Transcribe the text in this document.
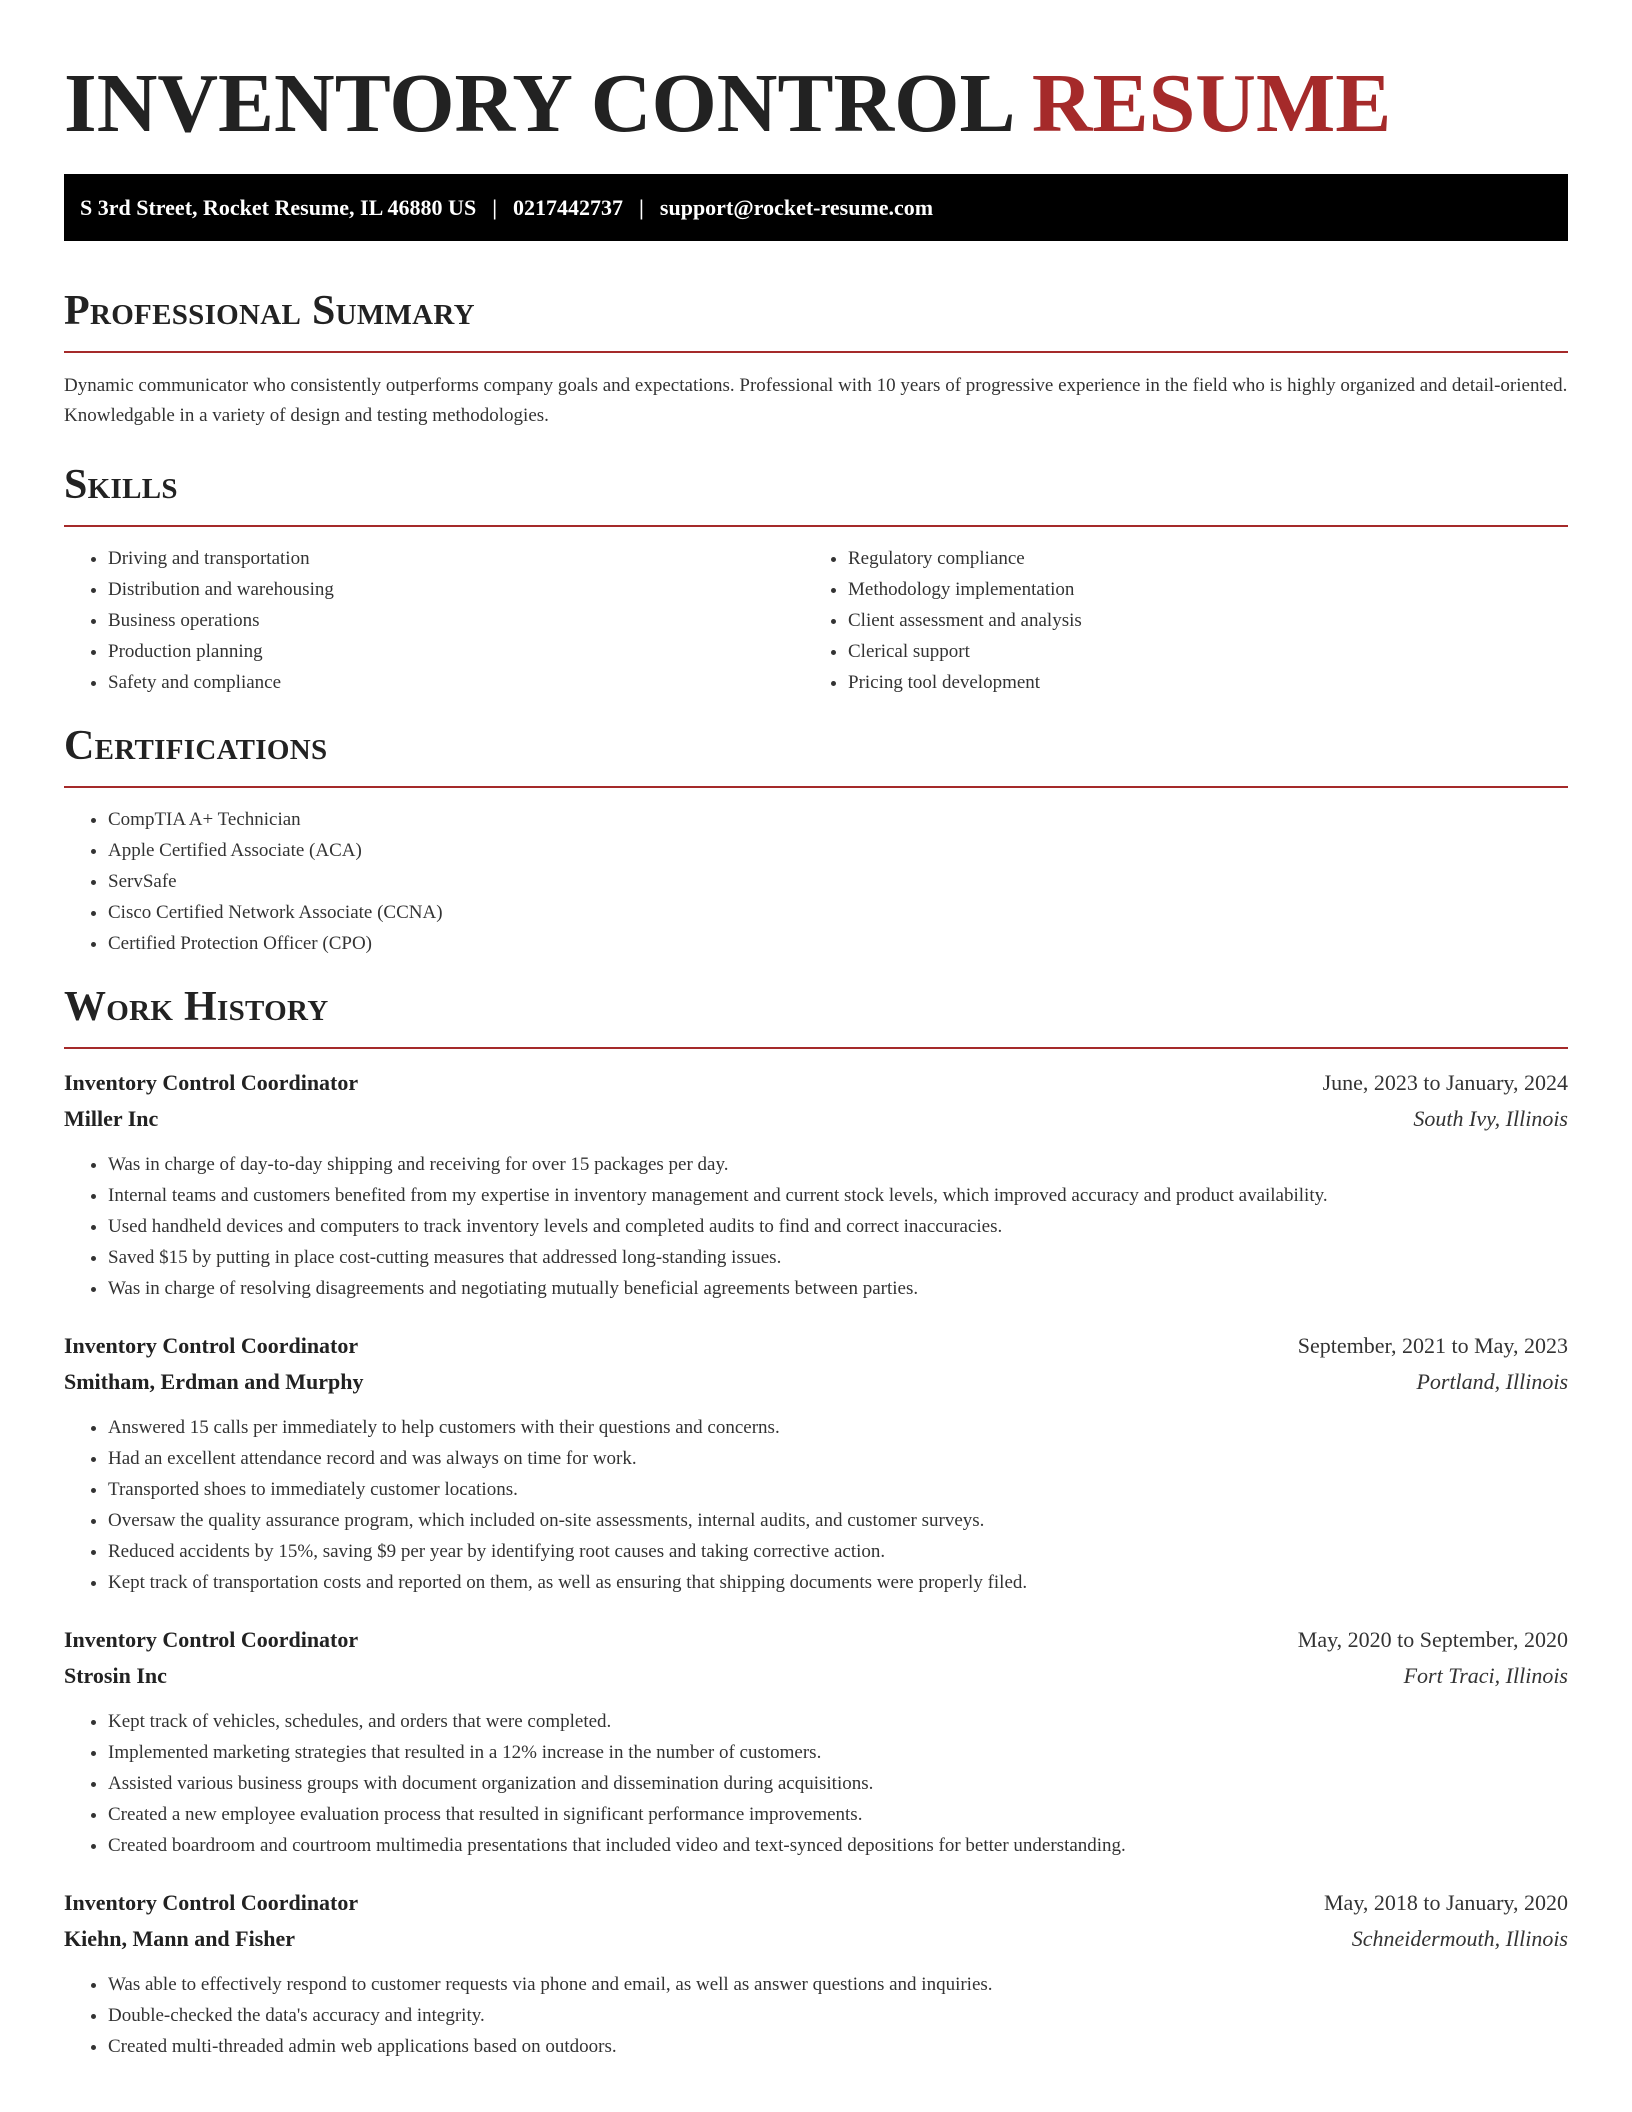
INVENTORY CONTROL RESUME
S 3rd Street, Rocket Resume, IL 46880 US | 0217442737 | support@rocket-resume.com
Professional Summary

Dynamic communicator who consistently outperforms company goals and expectations. Professional with 10 years of progressive experience in the field who is highly organized and detail-oriented. Knowledgable in a variety of design and testing methodologies.

Skills
• Driving and transportation
• Distribution and warehousing
• Business operations
• Production planning
• Safety and compliance
• Regulatory compliance
• Methodology implementation
• Client assessment and analysis
• Clerical support
• Pricing tool development
Certifications
• CompTIA A+ Technician
• Apple Certified Associate (ACA)
• ServSafe
• Cisco Certified Network Associate (CCNA)
• Certified Protection Officer (CPO)
Work History
Inventory Control Coordinator	June, 2023 to January, 2024
Miller Inc	South Ivy, Illinois
• Was in charge of day-to-day shipping and receiving for over 15 packages per day.
• Internal teams and customers benefited from my expertise in inventory management and current stock levels, which improved accuracy and product availability.
• Used handheld devices and computers to track inventory levels and completed audits to find and correct inaccuracies.
• Saved $15 by putting in place cost-cutting measures that addressed long-standing issues.
• Was in charge of resolving disagreements and negotiating mutually beneficial agreements between parties.
Inventory Control Coordinator	September, 2021 to May, 2023
Smitham, Erdman and Murphy	Portland, Illinois
• Answered 15 calls per immediately to help customers with their questions and concerns.
• Had an excellent attendance record and was always on time for work.
• Transported shoes to immediately customer locations.
• Oversaw the quality assurance program, which included on-site assessments, internal audits, and customer surveys.
• Reduced accidents by 15%, saving $9 per year by identifying root causes and taking corrective action.
• Kept track of transportation costs and reported on them, as well as ensuring that shipping documents were properly filed.
Inventory Control Coordinator	May, 2020 to September, 2020
Strosin Inc	Fort Traci, Illinois
• Kept track of vehicles, schedules, and orders that were completed.
• Implemented marketing strategies that resulted in a 12% increase in the number of customers.
• Assisted various business groups with document organization and dissemination during acquisitions.
• Created a new employee evaluation process that resulted in significant performance improvements.
• Created boardroom and courtroom multimedia presentations that included video and text-synced depositions for better understanding.
Inventory Control Coordinator	May, 2018 to January, 2020
Kiehn, Mann and Fisher	Schneidermouth, Illinois
• Was able to effectively respond to customer requests via phone and email, as well as answer questions and inquiries.
• Double-checked the data's accuracy and integrity.
• Created multi-threaded admin web applications based on outdoors.
